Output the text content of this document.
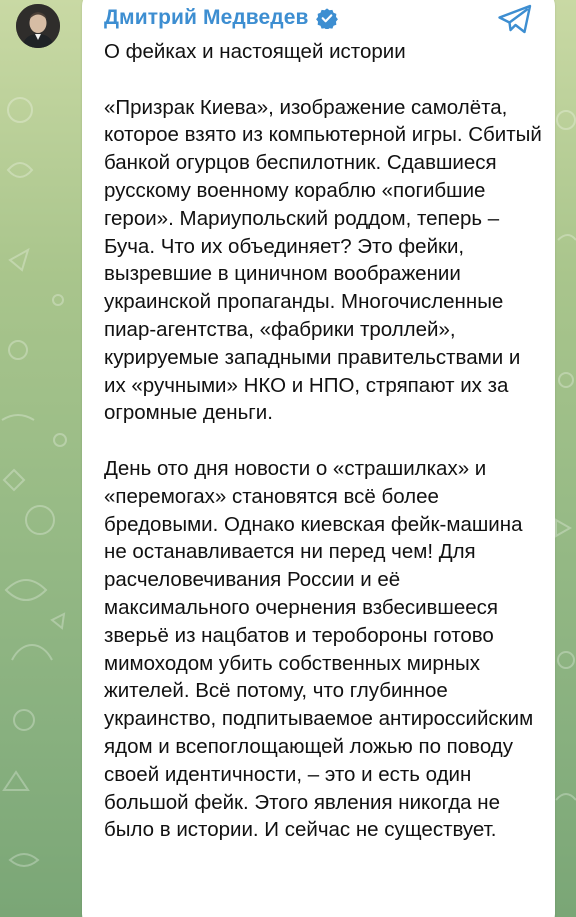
Дмитрий Медведев

О фейках и настоящей истории

«Призрак Киева», изображение самолёта, которое взято из компьютерной игры. Сбитый банкой огурцов беспилотник. Сдавшиеся русскому военному кораблю «погибшие герои». Мариупольский роддом, теперь – Буча. Что их объединяет? Это фейки, вызревшие в циничном воображении украинской пропаганды. Многочисленные пиар-агентства, «фабрики троллей», курируемые западными правительствами и их «ручными» НКО и НПО, стряпают их за огромные деньги.

День ото дня новости о «страшилках» и «перемогах» становятся всё более бредовыми. Однако киевская фейк-машина не останавливается ни перед чем! Для расчеловечивания России и её максимального очернения взбесившееся зверьё из нацбатов и теробороны готово мимоходом убить собственных мирных жителей. Всё потому, что глубинное украинство, подпитываемое антироссийским ядом и всепоглощающей ложью по поводу своей идентичности, – это и есть один большой фейк. Этого явления никогда не было в истории. И сейчас не существует.
